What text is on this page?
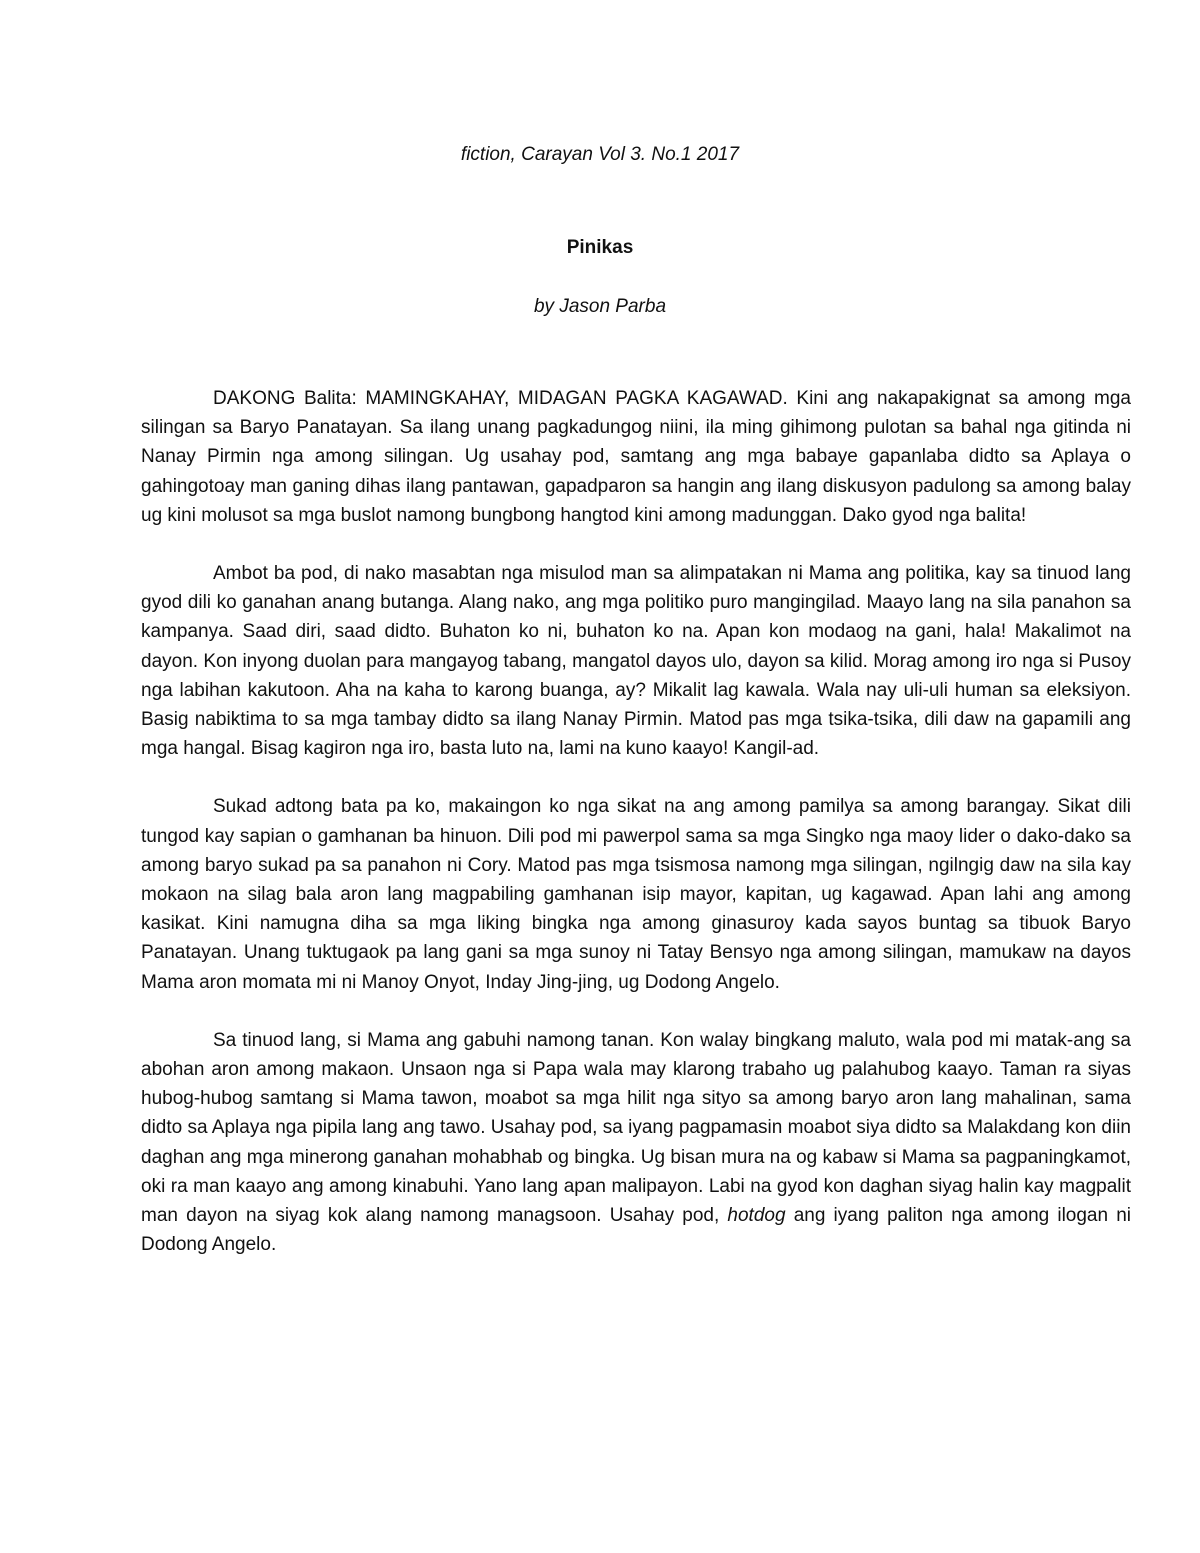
fiction, Carayan Vol 3. No.1 2017
Pinikas
by Jason Parba

DAKONG Balita: MAMINGKAHAY, MIDAGAN PAGKA KAGAWAD. Kini ang nakapakignat sa among mga silingan sa Baryo Panatayan. Sa ilang unang pagkadungog niini, ila ming gihimong pulotan sa bahal nga gitinda ni Nanay Pirmin nga among silingan. Ug usahay pod, samtang ang mga babaye gapanlaba didto sa Aplaya o gahingotoay man ganing dihas ilang pantawan, gapadparon sa hangin ang ilang diskusyon padulong sa among balay ug kini molusot sa mga buslot namong bungbong hangtod kini among madunggan. Dako gyod nga balita!

Ambot ba pod, di nako masabtan nga misulod man sa alimpatakan ni Mama ang politika, kay sa tinuod lang gyod dili ko ganahan anang butanga. Alang nako, ang mga politiko puro mangingilad. Maayo lang na sila panahon sa kampanya. Saad diri, saad didto. Buhaton ko ni, buhaton ko na. Apan kon modaog na gani, hala! Makalimot na dayon. Kon inyong duolan para mangayog tabang, mangatol dayos ulo, dayon sa kilid. Morag among iro nga si Pusoy nga labihan kakutoon. Aha na kaha to karong buanga, ay? Mikalit lag kawala. Wala nay uli-uli human sa eleksiyon. Basig nabiktima to sa mga tambay didto sa ilang Nanay Pirmin. Matod pas mga tsika-tsika, dili daw na gapamili ang mga hangal. Bisag kagiron nga iro, basta luto na, lami na kuno kaayo! Kangil-ad.

Sukad adtong bata pa ko, makaingon ko nga sikat na ang among pamilya sa among barangay. Sikat dili tungod kay sapian o gamhanan ba hinuon. Dili pod mi pawerpol sama sa mga Singko nga maoy lider o dako-dako sa among baryo sukad pa sa panahon ni Cory. Matod pas mga tsismosa namong mga silingan, ngilngig daw na sila kay mokaon na silag bala aron lang magpabiling gamhanan isip mayor, kapitan, ug kagawad. Apan lahi ang among kasikat. Kini namugna diha sa mga liking bingka nga among ginasuroy kada sayos buntag sa tibuok Baryo Panatayan. Unang tuktugaok pa lang gani sa mga sunoy ni Tatay Bensyo nga among silingan, mamukaw na dayos Mama aron momata mi ni Manoy Onyot, Inday Jing-jing, ug Dodong Angelo.

Sa tinuod lang, si Mama ang gabuhi namong tanan. Kon walay bingkang maluto, wala pod mi matak-ang sa abohan aron among makaon. Unsaon nga si Papa wala may klarong trabaho ug palahubog kaayo. Taman ra siyas hubog-hubog samtang si Mama tawon, moabot sa mga hilit nga sityo sa among baryo aron lang mahalinan, sama didto sa Aplaya nga pipila lang ang tawo. Usahay pod, sa iyang pagpamasin moabot siya didto sa Malakdang kon diin daghan ang mga minerong ganahan mohabhab og bingka. Ug bisan mura na og kabaw si Mama sa pagpaningkamot, oki ra man kaayo ang among kinabuhi. Yano lang apan malipayon. Labi na gyod kon daghan siyag halin kay magpalit man dayon na siyag kok alang namong managsoon. Usahay pod, hotdog ang iyang paliton nga among ilogan ni Dodong Angelo.
